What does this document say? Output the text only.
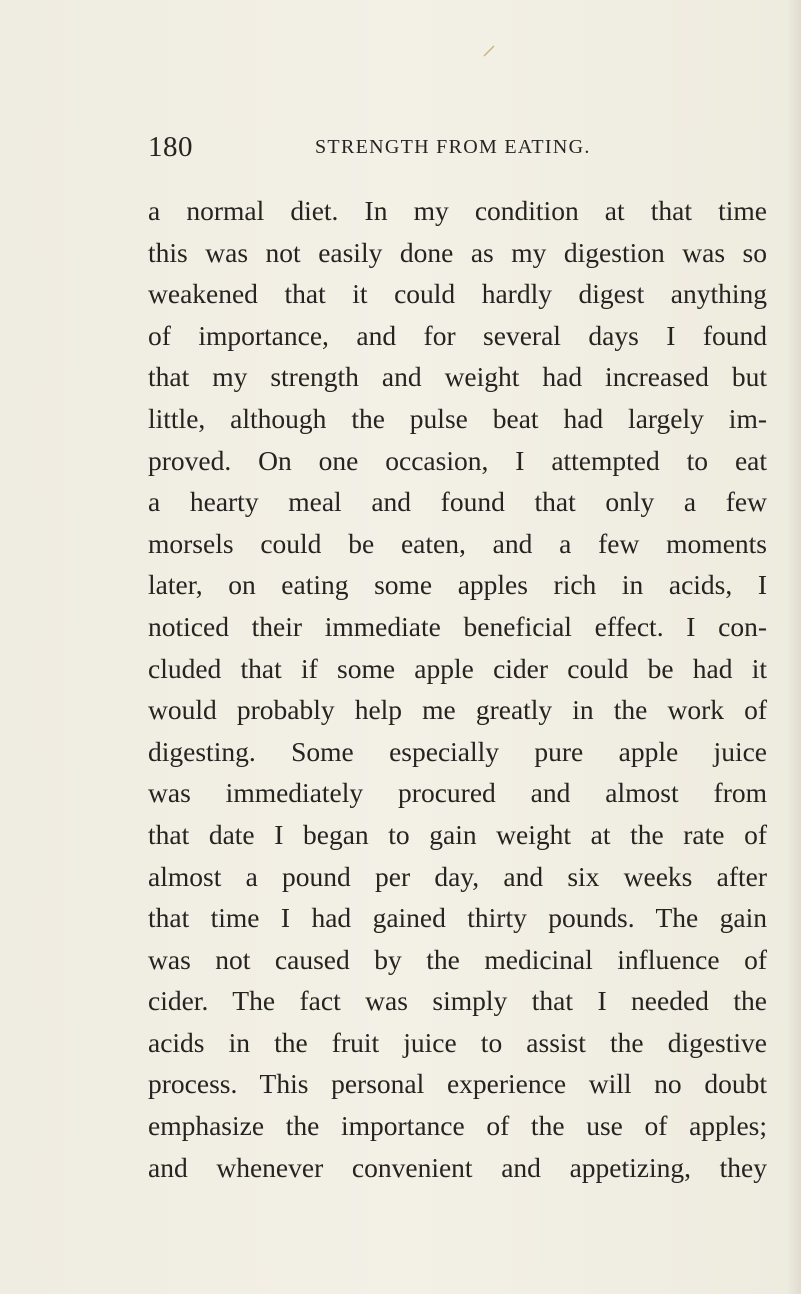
180	STRENGTH FROM EATING.
a normal diet. In my condition at that time
this was not easily done as my digestion was so
weakened that it could hardly digest anything
of importance, and for several days I found
that my strength and weight had increased but
little, although the pulse beat had largely im-
proved. On one occasion, I attempted to eat
a hearty meal and found that only a few
morsels could be eaten, and a few moments
later, on eating some apples rich in acids, I
noticed their immediate beneficial effect. I con-
cluded that if some apple cider could be had it
would probably help me greatly in the work of
digesting. Some especially pure apple juice
was immediately procured and almost from
that date I began to gain weight at the rate of
almost a pound per day, and six weeks after
that time I had gained thirty pounds. The gain
was not caused by the medicinal influence of
cider. The fact was simply that I needed the
acids in the fruit juice to assist the digestive
process. This personal experience will no doubt
emphasize the importance of the use of apples;
and whenever convenient and appetizing, they
